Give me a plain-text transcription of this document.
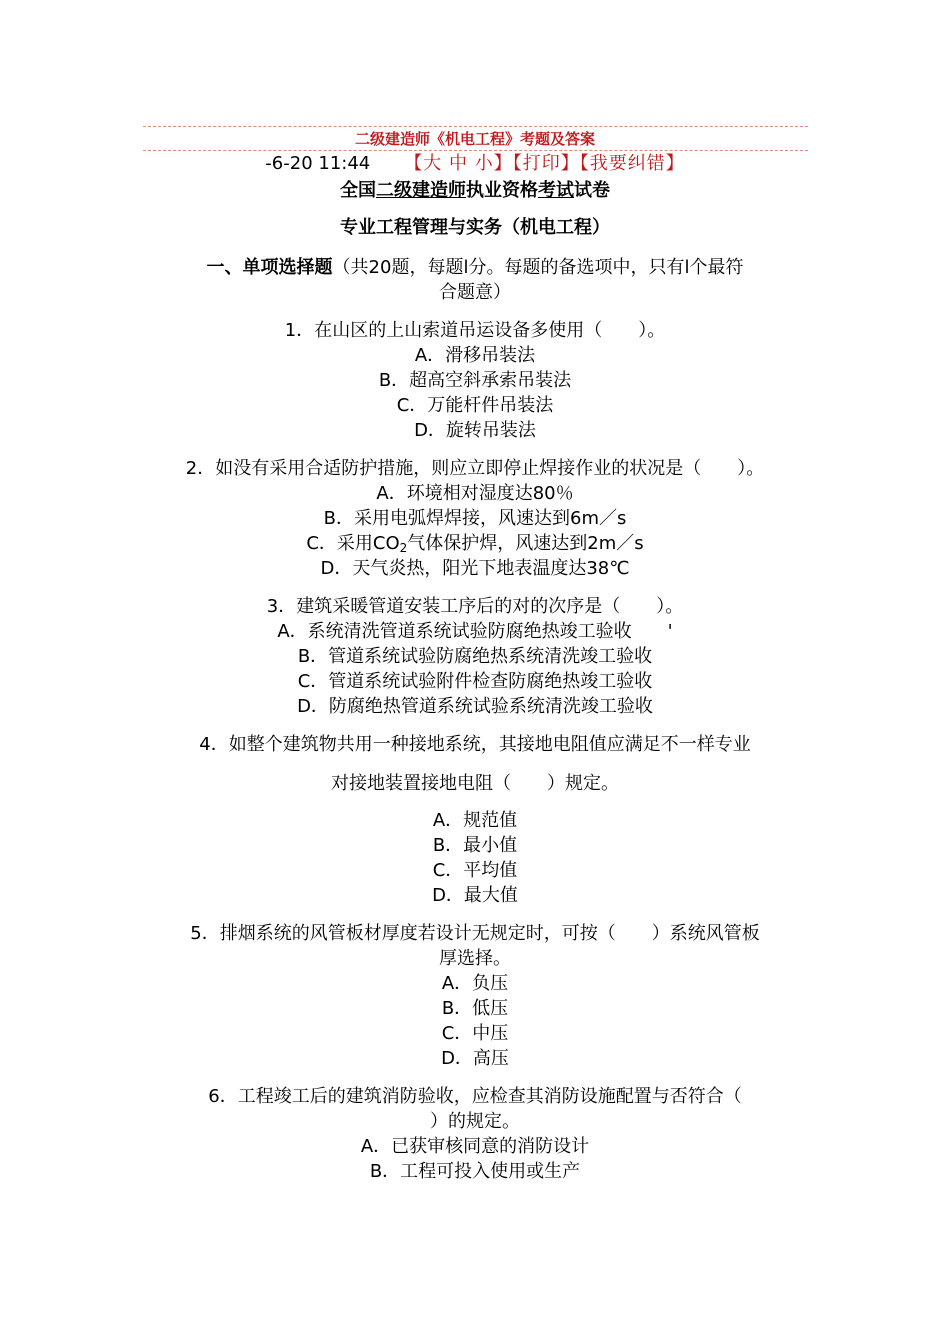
二级建造师《机电工程》考题及答案
-6-20 11:44 【大 中 小】【打印】【我要纠错】
全国二级建造师执业资格考试试卷
专业工程管理与实务（机电工程）
一、单项选择题（共20题，每题l分。每题的备选项中，只有l个最符
合题意）
1．在山区的上山索道吊运设备多使用（　　）。
A．滑移吊装法
B．超高空斜承索吊装法
C．万能杆件吊装法
D．旋转吊装法
2．如没有采用合适防护措施，则应立即停止焊接作业的状况是（　　）。
A．环境相对湿度达80％
B．采用电弧焊焊接，风速达到6m／s
C．采用$CO_2$气体保护焊，风速达到2m／s
D．天气炎热，阳光下地表温度达38℃
3．建筑采暖管道安装工序后的对的次序是（　　）。
A．系统清洗管道系统试验防腐绝热竣工验收　　'
B．管道系统试验防腐绝热系统清洗竣工验收
C．管道系统试验附件检查防腐绝热竣工验收
D．防腐绝热管道系统试验系统清洗竣工验收
4．如整个建筑物共用一种接地系统，其接地电阻值应满足不一样专业
对接地装置接地电阻（　　）规定。
A．规范值
B．最小值
C．平均值
D．最大值
5．排烟系统的风管板材厚度若设计无规定时，可按（　　）系统风管板
厚选择。
A．负压
B．低压
C．中压
D．高压
6．工程竣工后的建筑消防验收，应检查其消防设施配置与否符合（
）的规定。
A．已获审核同意的消防设计
B．工程可投入使用或生产
